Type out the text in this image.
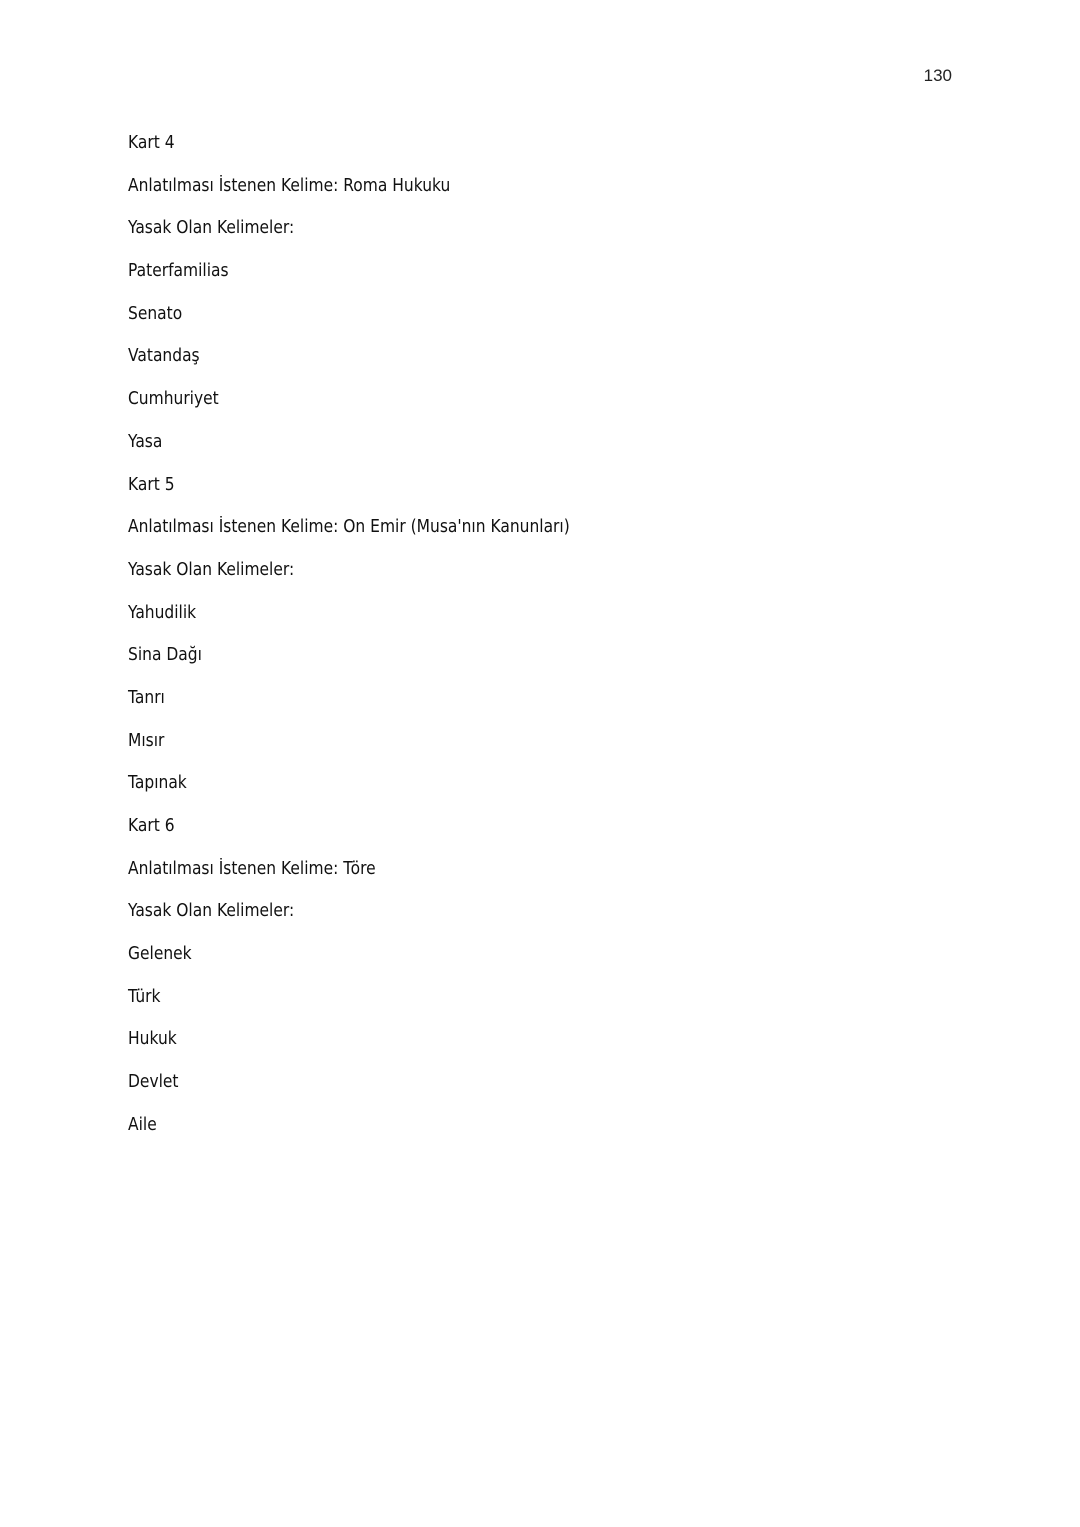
130
Kart 4
Anlatılması İstenen Kelime: Roma Hukuku
Yasak Olan Kelimeler:
Paterfamilias
Senato
Vatandaş
Cumhuriyet
Yasa
Kart 5
Anlatılması İstenen Kelime: On Emir (Musa'nın Kanunları)
Yasak Olan Kelimeler:
Yahudilik
Sina Dağı
Tanrı
Mısır
Tapınak
Kart 6
Anlatılması İstenen Kelime: Töre
Yasak Olan Kelimeler:
Gelenek
Türk
Hukuk
Devlet
Aile
